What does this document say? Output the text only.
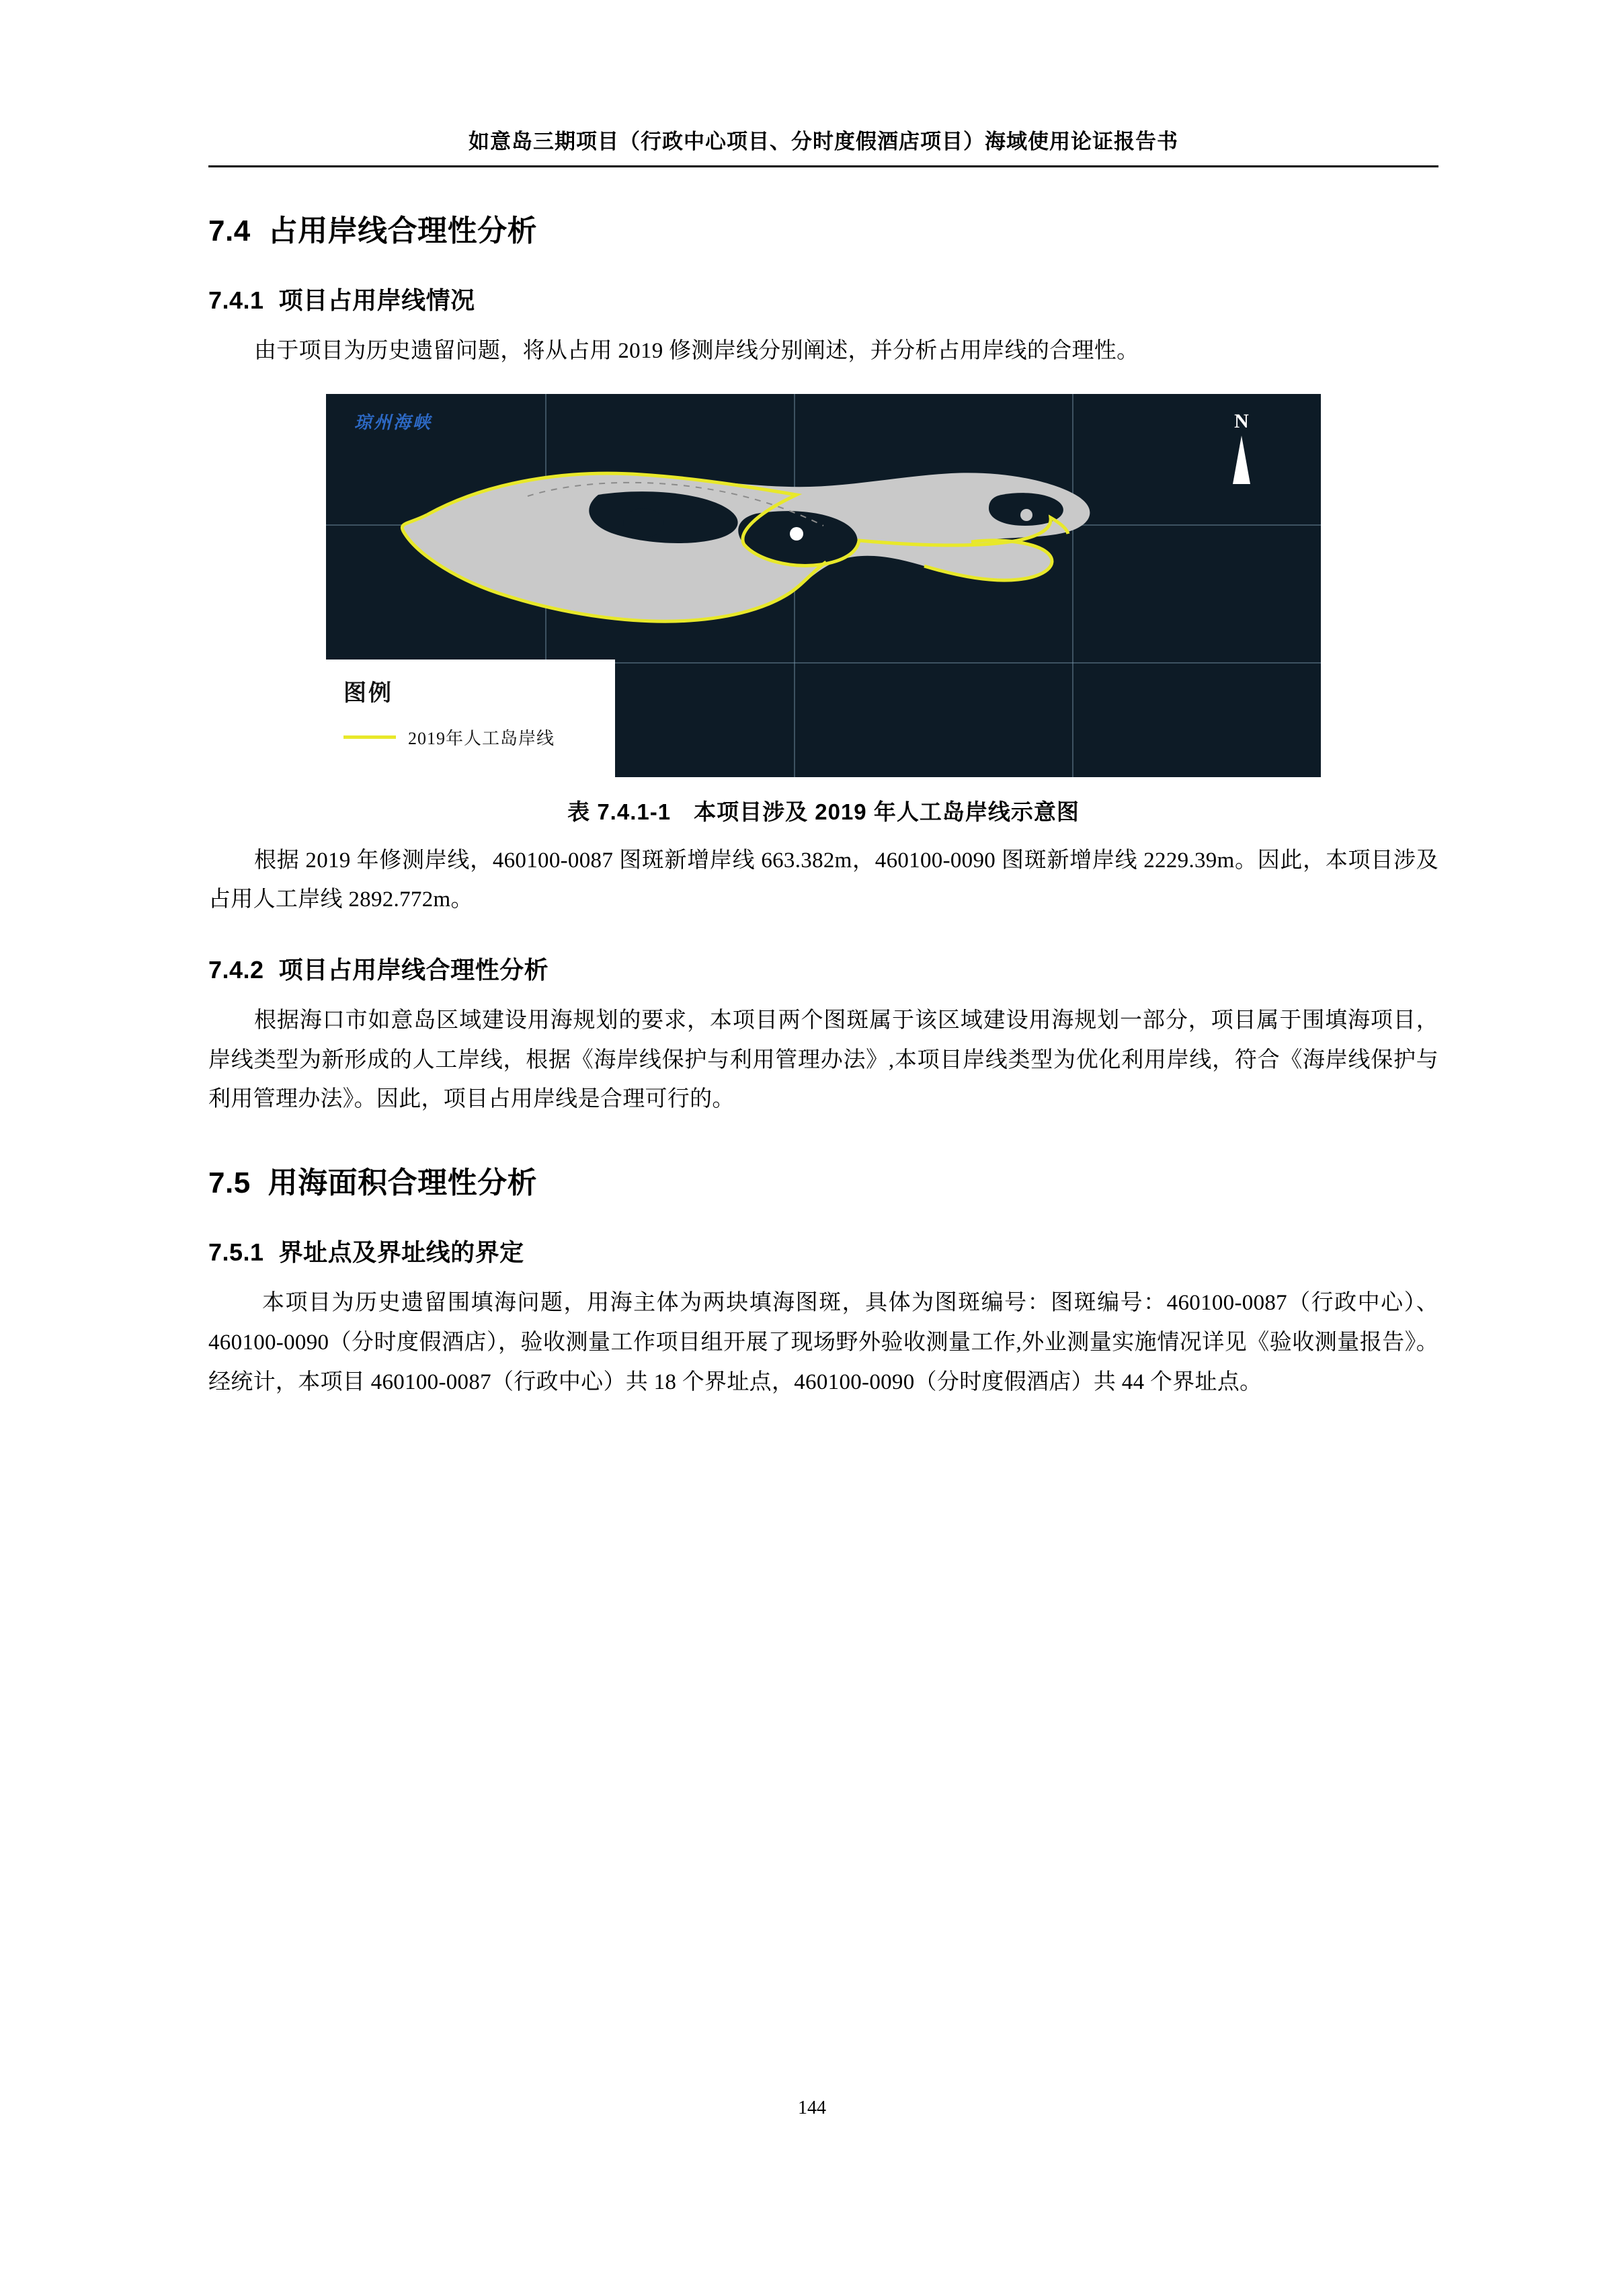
如意岛三期项目（行政中心项目、分时度假酒店项目）海域使用论证报告书
7.4 占用岸线合理性分析
7.4.1 项目占用岸线情况

由于项目为历史遗留问题，将从占用 2019 修测岸线分别阐述，并分析占用岸线的合理性。

琼州海峡	N
图例
2019年人工岛岸线
表 7.4.1-1 本项目涉及 2019 年人工岛岸线示意图

根据 2019 年修测岸线，460100-0087 图斑新增岸线 663.382m，460100-0090 图斑新增岸线 2229.39m。因此，本项目涉及占用人工岸线 2892.772m。

7.4.2 项目占用岸线合理性分析

根据海口市如意岛区域建设用海规划的要求，本项目两个图斑属于该区域建设用海规划一部分，项目属于围填海项目，岸线类型为新形成的人工岸线，根据《海岸线保护与利用管理办法》,本项目岸线类型为优化利用岸线，符合《海岸线保护与利用管理办法》。因此，项目占用岸线是合理可行的。

7.5 用海面积合理性分析
7.5.1 界址点及界址线的界定

本项目为历史遗留围填海问题，用海主体为两块填海图斑，具体为图斑编号：图斑编号：460100-0087（行政中心）、460100-0090（分时度假酒店），验收测量工作项目组开展了现场野外验收测量工作,外业测量实施情况详见《验收测量报告》。经统计，本项目 460100-0087（行政中心）共 18 个界址点，460100-0090（分时度假酒店）共 44 个界址点。

144
